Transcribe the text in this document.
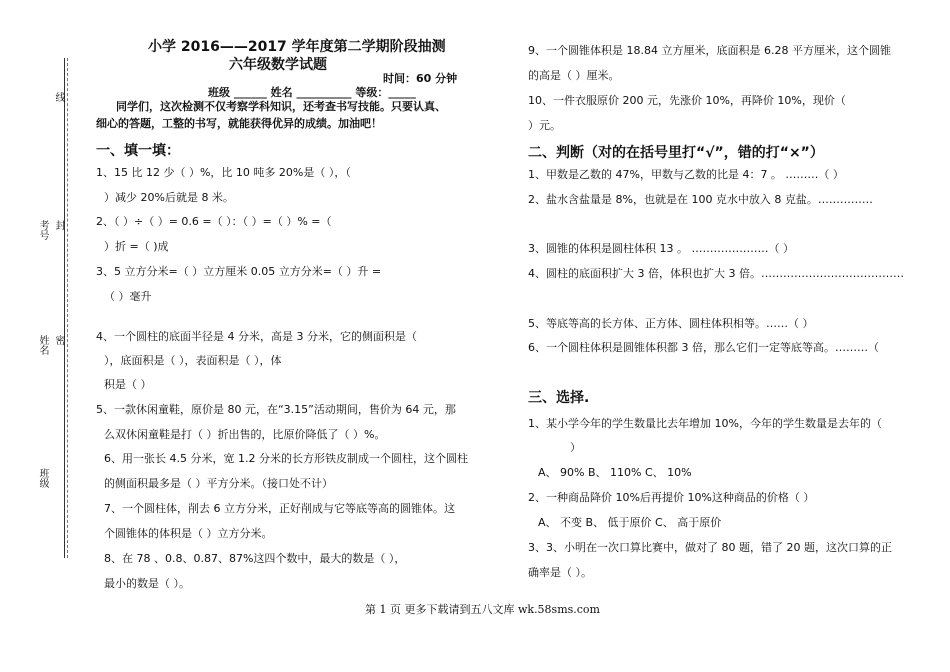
线
考号 封
姓名 密
班级
小学 2016——2017 学年度第二学期阶段抽测
六年级数学试题
时间：60 分钟
班级 ______ 姓名 __________ 等级：_____
同学们，这次检测不仅考察学科知识，还考查书写技能。只要认真、
细心的答题，工整的书写，就能获得优异的成绩。加油吧！
一、填一填：
1、15 比 12 少（ ）%，比 10 吨多 20%是（ ），（
）减少 20%后就是 8 米。
2、（ ）÷（ ）= 0.6 =（ ）：（ ）=（ ）% =（
）折 =（ )成
3、5 立方分米=（ ）立方厘米 0.05 立方分米=（ ）升 =
（ ）毫升
4、一个圆柱的底面半径是 4 分米，高是 3 分米，它的侧面积是（
），底面积是（ ），表面积是（ ），体
积是（ ）
5、一款休闲童鞋，原价是 80 元，在“3.15”活动期间，售价为 64 元，那
么双休闲童鞋是打（ ）折出售的，比原价降低了（ ）%。
6、用一张长 4.5 分米，宽 1.2 分米的长方形铁皮制成一个圆柱，这个圆柱
的侧面积最多是（ ）平方分米。（接口处不计）
7、一个圆柱体，削去 6 立方分米，正好削成与它等底等高的圆锥体。这
个圆锥体的体积是（ ）立方分米。
8、在 78 、0.8、0.87、87%这四个数中，最大的数是（ ），
最小的数是（ ）。
9、一个圆锥体积是 18.84 立方厘米，底面积是 6.28 平方厘米，这个圆锥
的高是（ ）厘米。
10、一件衣服原价 200 元，先涨价 10%，再降价 10%，现价（
）元。
二、判断（对的在括号里打“√”，错的打“×”）
1、甲数是乙数的 47%，甲数与乙数的比是 4：7 。 ………（ ）
2、盐水含盐量是 8%，也就是在 100 克水中放入 8 克盐。……………
3、圆锥的体积是圆柱体积 13 。 …………………（ ）
4、圆柱的底面积扩大 3 倍，体积也扩大 3 倍。…………………………………
5、等底等高的长方体、正方体、圆柱体积相等。……（ ）
6、一个圆柱体积是圆锥体积都 3 倍，那么它们一定等底等高。………（
三、选择.
1、某小学今年的学生数量比去年增加 10%，今年的学生数量是去年的（
）
A、 90% B、 110% C、 10%
2、一种商品降价 10%后再提价 10%这种商品的价格（ ）
A、 不变 B、 低于原价 C、 高于原价
3、3、小明在一次口算比赛中，做对了 80 题，错了 20 题，这次口算的正
确率是（ ）。
第 1 页 更多下载请到五八文库 wk.58sms.com
